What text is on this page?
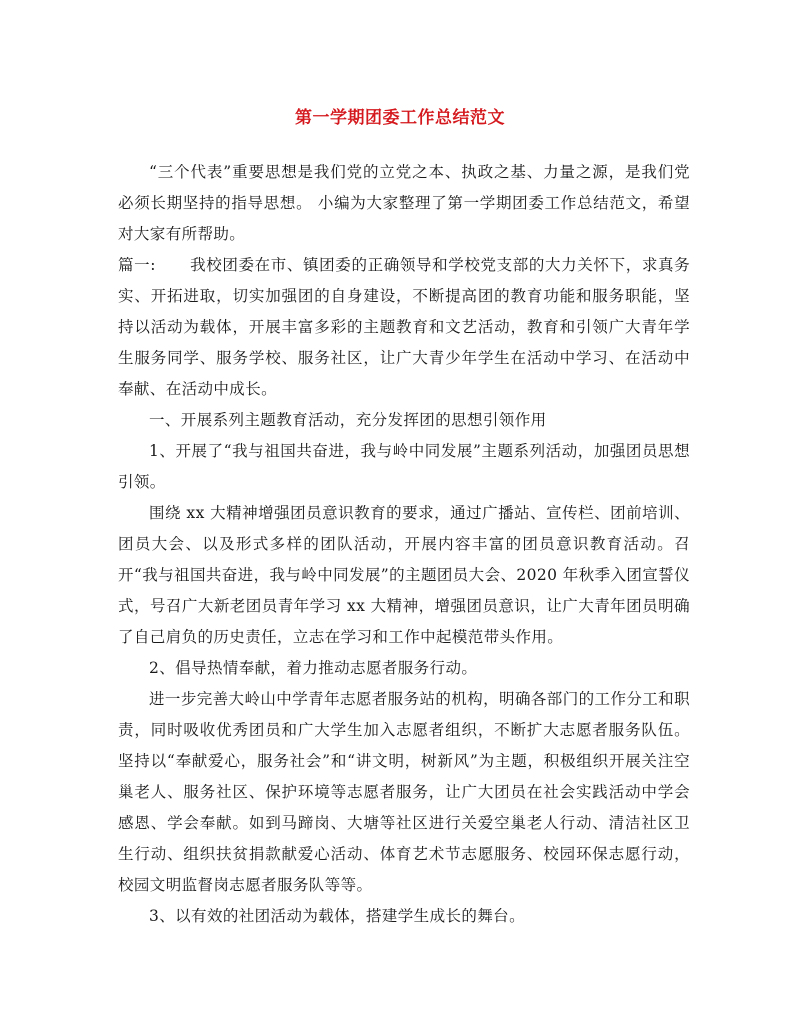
第一学期团委工作总结范文

“三个代表”重要思想是我们党的立党之本、执政之基、力量之源，是我们党必须长期坚持的指导思想。 小编为大家整理了第一学期团委工作总结范文，希望对大家有所帮助。

篇一: 我校团委在市、镇团委的正确领导和学校党支部的大力关怀下，求真务实、开拓进取，切实加强团的自身建设，不断提高团的教育功能和服务职能，坚持以活动为载体，开展丰富多彩的主题教育和文艺活动，教育和引领广大青年学生服务同学、服务学校、服务社区，让广大青少年学生在活动中学习、在活动中奉献、在活动中成长。

一、开展系列主题教育活动，充分发挥团的思想引领作用

1、开展了“我与祖国共奋进，我与岭中同发展”主题系列活动，加强团员思想引领。

围绕 xx 大精神增强团员意识教育的要求，通过广播站、宣传栏、团前培训、团员大会、以及形式多样的团队活动，开展内容丰富的团员意识教育活动。召开“我与祖国共奋进，我与岭中同发展”的主题团员大会、2020 年秋季入团宣誓仪式，号召广大新老团员青年学习 xx 大精神，增强团员意识，让广大青年团员明确了自己肩负的历史责任，立志在学习和工作中起模范带头作用。

2、倡导热情奉献，着力推动志愿者服务行动。

进一步完善大岭山中学青年志愿者服务站的机构，明确各部门的工作分工和职责，同时吸收优秀团员和广大学生加入志愿者组织，不断扩大志愿者服务队伍。坚持以“奉献爱心，服务社会”和“讲文明，树新风”为主题，积极组织开展关注空巢老人、服务社区、保护环境等志愿者服务，让广大团员在社会实践活动中学会感恩、学会奉献。如到马蹄岗、大塘等社区进行关爱空巢老人行动、清洁社区卫生行动、组织扶贫捐款献爱心活动、体育艺术节志愿服务、校园环保志愿行动，校园文明监督岗志愿者服务队等等。

3、以有效的社团活动为载体，搭建学生成长的舞台。
